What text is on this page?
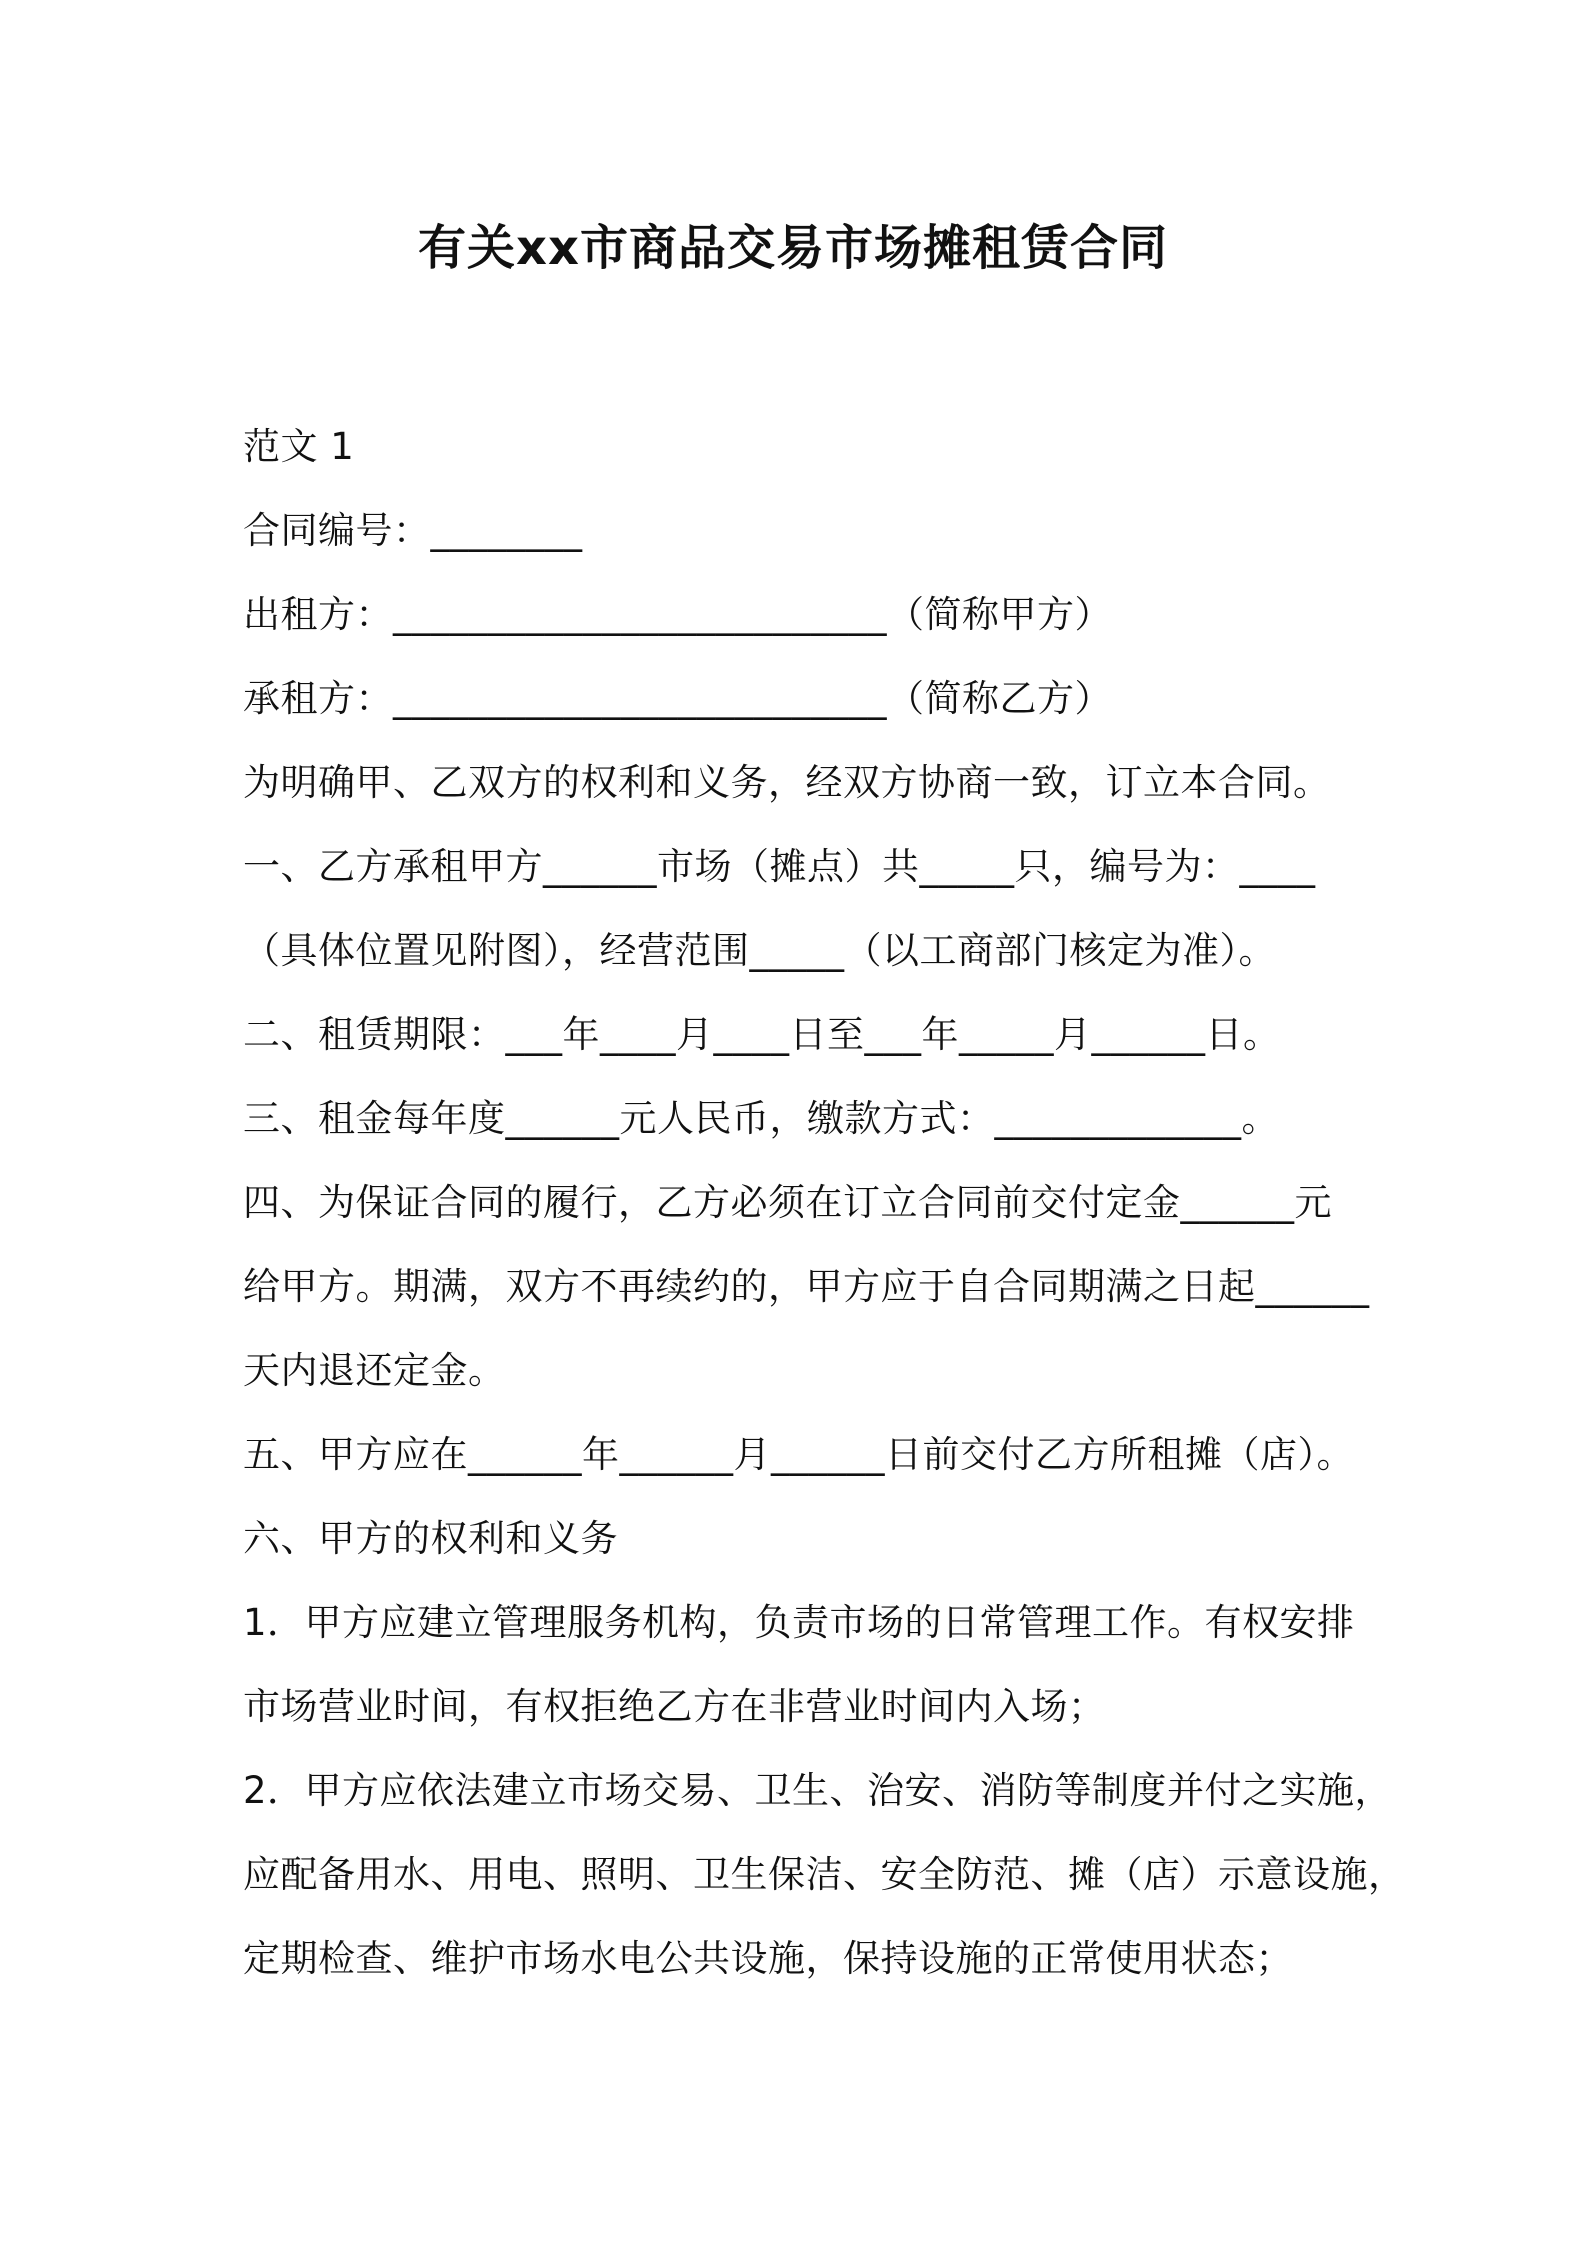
有关xx市商品交易市场摊租赁合同
范文 1
合同编号：________
出租方：__________________________（简称甲方）
承租方：__________________________（简称乙方）
为明确甲、乙双方的权利和义务，经双方协商一致，订立本合同。
一、乙方承租甲方______市场（摊点）共_____只，编号为：____
（具体位置见附图），经营范围_____（以工商部门核定为准）。
二、租赁期限：___年____月____日至___年_____月______日。
三、租金每年度______元人民币，缴款方式：_____________。
四、为保证合同的履行，乙方必须在订立合同前交付定金______元
给甲方。期满，双方不再续约的，甲方应于自合同期满之日起______
天内退还定金。
五、甲方应在______年______月______日前交付乙方所租摊（店）。
六、甲方的权利和义务
1．甲方应建立管理服务机构，负责市场的日常管理工作。有权安排
市场营业时间，有权拒绝乙方在非营业时间内入场；
2．甲方应依法建立市场交易、卫生、治安、消防等制度并付之实施，
应配备用水、用电、照明、卫生保洁、安全防范、摊（店）示意设施，
定期检查、维护市场水电公共设施，保持设施的正常使用状态；
